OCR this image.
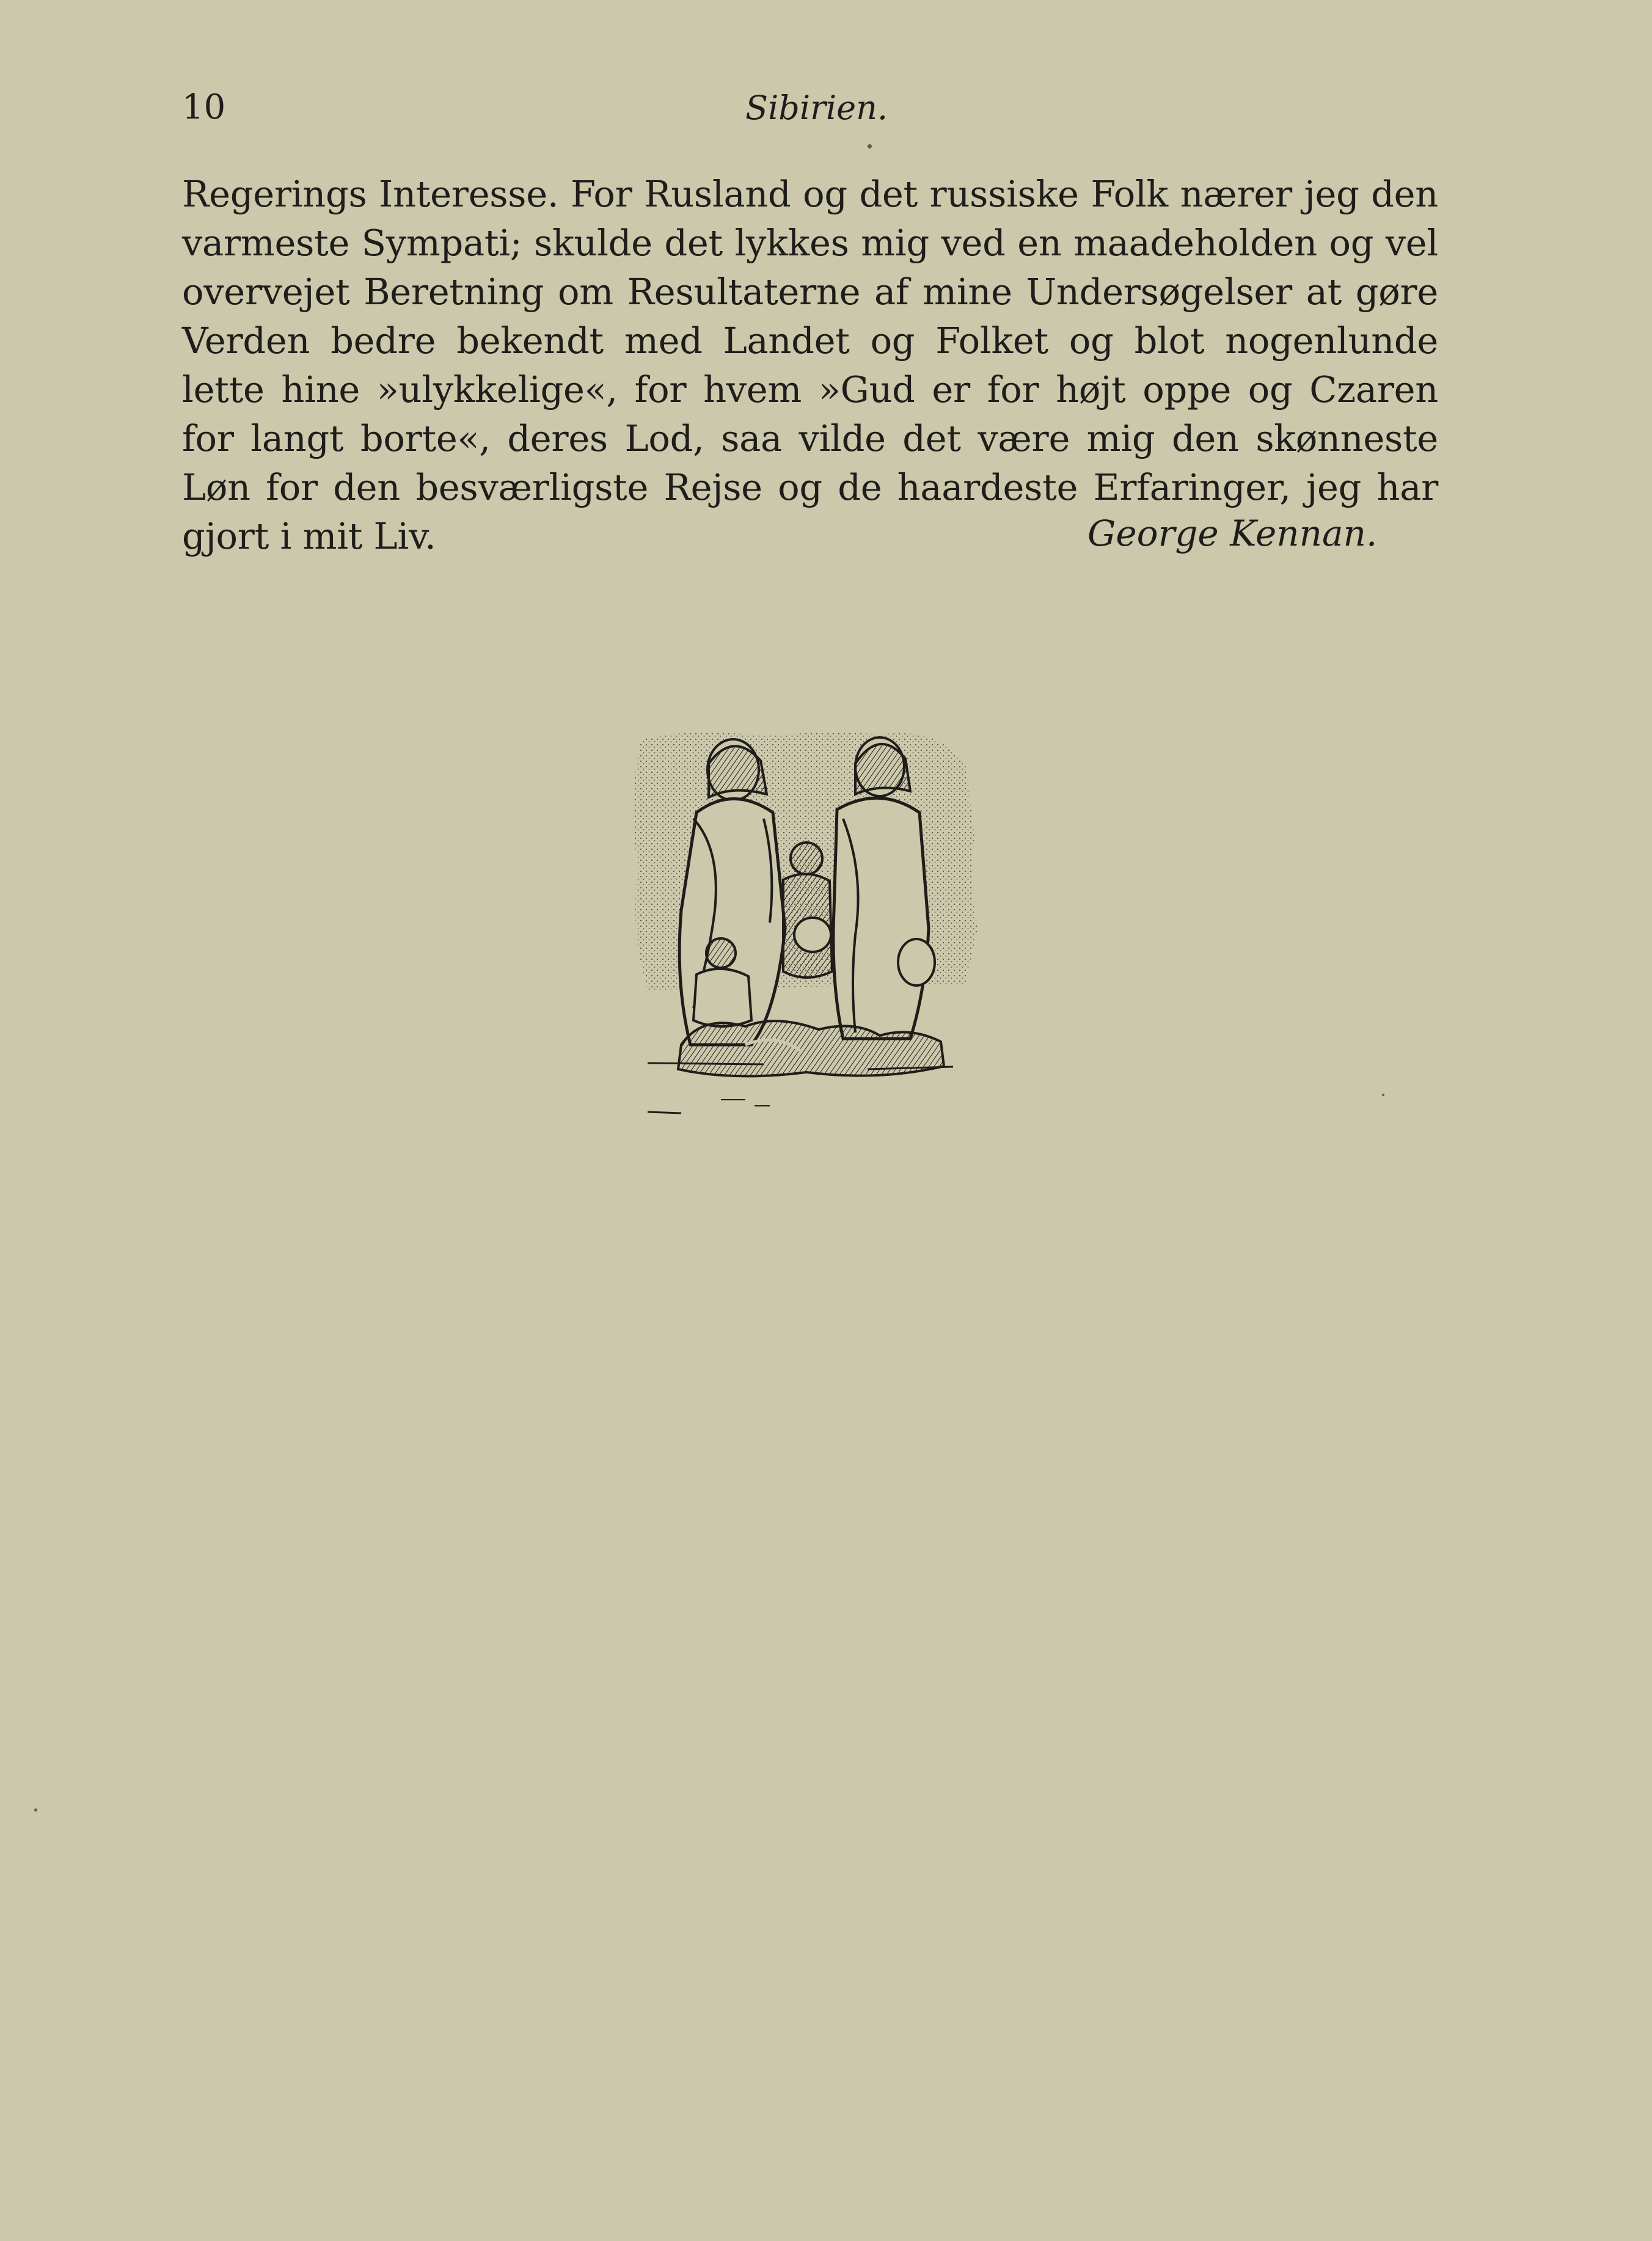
10	Sibirien.

Regerings Interesse. For Rusland og det russiske Folk nærer jeg den varmeste Sympati; skulde det lykkes mig ved en maadeholden og vel overvejet Beretning om Resultaterne af mine Undersøgelser at gøre Verden bedre bekendt med Landet og Folket og blot nogenlunde lette hine »ulykkelige«, for hvem »Gud er for højt oppe og Czaren for langt borte«, deres Lod, saa vilde det være mig den skønneste Løn for den besværligste Rejse og de haardeste Erfaringer, jeg har gjort i mit Liv.	George Kennan.
